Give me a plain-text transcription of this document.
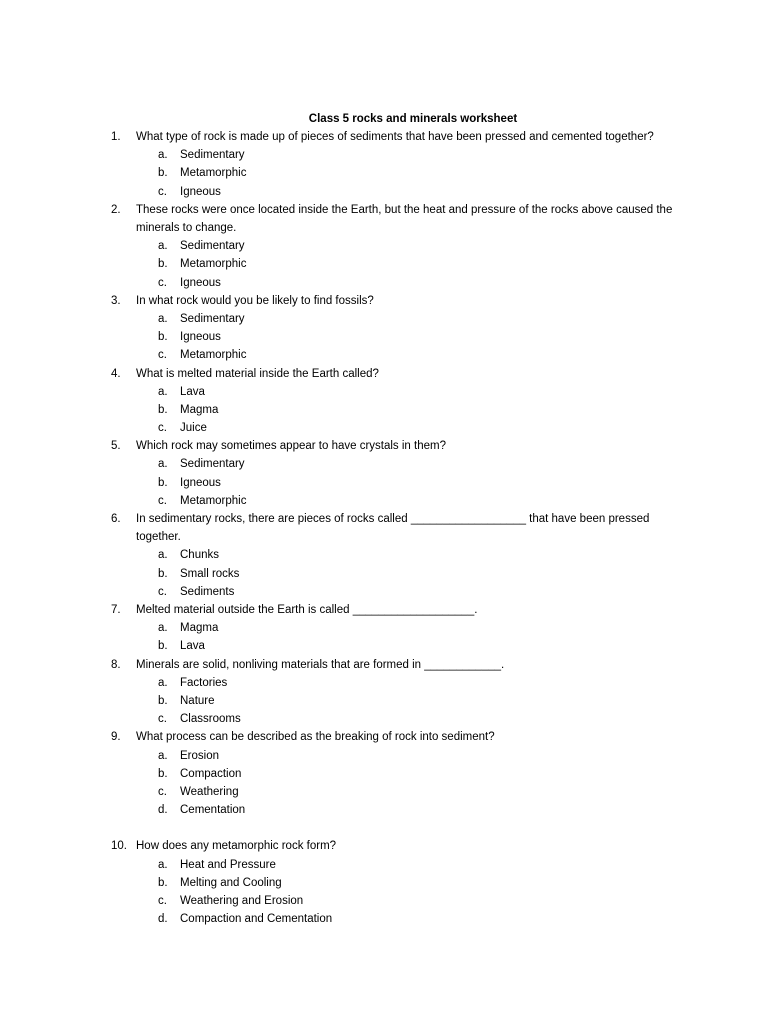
Class 5 rocks and minerals worksheet
1. What type of rock is made up of pieces of sediments that have been pressed and cemented together?
a. Sedimentary
b. Metamorphic
c. Igneous
2. These rocks were once located inside the Earth, but the heat and pressure of the rocks above caused the minerals to change.
a. Sedimentary
b. Metamorphic
c. Igneous
3. In what rock would you be likely to find fossils?
a. Sedimentary
b. Igneous
c. Metamorphic
4. What is melted material inside the Earth called?
a. Lava
b. Magma
c. Juice
5. Which rock may sometimes appear to have crystals in them?
a. Sedimentary
b. Igneous
c. Metamorphic
6. In sedimentary rocks, there are pieces of rocks called __________________ that have been pressed together.
a. Chunks
b. Small rocks
c. Sediments
7. Melted material outside the Earth is called ___________________.
a. Magma
b. Lava
8. Minerals are solid, nonliving materials that are formed in ____________.
a. Factories
b. Nature
c. Classrooms
9. What process can be described as the breaking of rock into sediment?
a. Erosion
b. Compaction
c. Weathering
d. Cementation
10. How does any metamorphic rock form?
a. Heat and Pressure
b. Melting and Cooling
c. Weathering and Erosion
d. Compaction and Cementation
